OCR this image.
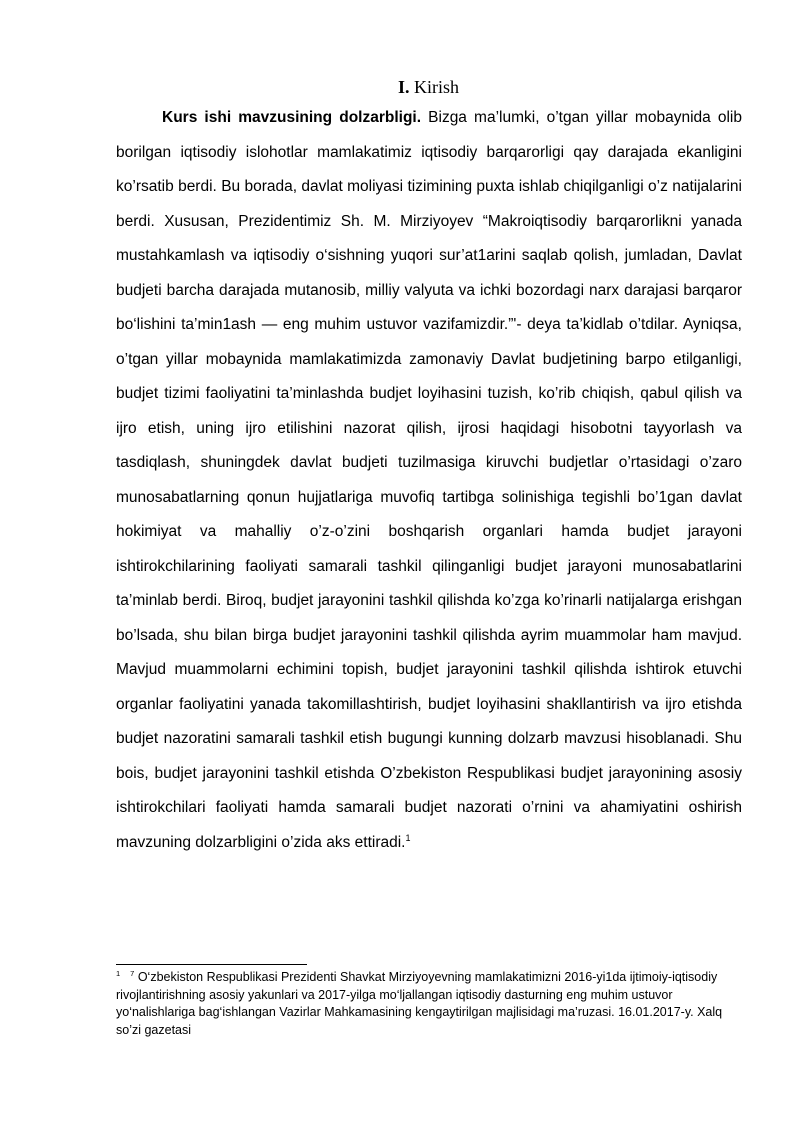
I. Kirish

Kurs ishi mavzusining dolzarbligi. Bizga ma’lumki, o’tgan yillar mobaynida olib borilgan iqtisodiy islohotlar mamlakatimiz iqtisodiy barqarorligi qay darajada ekanligini ko’rsatib berdi. Bu borada, davlat moliyasi tizimining puxta ishlab chiqilganligi o’z natijalarini berdi. Xususan, Prezidentimiz Sh. M. Mirziyoyev “Makroiqtisodiy barqarorlikni yanada mustahkamlash va iqtisodiy o‘sishning yuqori sur’at1arini saqlab qolish, jumladan, Davlat budjeti barcha darajada mutanosib, milliy valyuta va ichki bozordagi narx darajasi barqaror bo‘lishini ta’min1ash — eng muhim ustuvor vazifamizdir.”'- deya ta’kidlab o’tdilar. Ayniqsa, o’tgan yillar mobaynida mamlakatimizda zamonaviy Davlat budjetining barpo etilganligi, budjet tizimi faoliyatini ta’minlashda budjet loyihasini tuzish, ko’rib chiqish, qabul qilish va ijro etish, uning ijro etilishini nazorat qilish, ijrosi haqidagi hisobotni tayyorlash va tasdiqlash, shuningdek davlat budjeti tuzilmasiga kiruvchi budjetlar o’rtasidagi o’zaro munosabatlarning qonun hujjatlariga muvofiq tartibga solinishiga tegishli bo’1gan davlat hokimiyat va mahalliy o’z-o’zini boshqarish organlari hamda budjet jarayoni ishtirokchilarining faoliyati samarali tashkil qilinganligi budjet jarayoni munosabatlarini ta’minlab berdi. Biroq, budjet jarayonini tashkil qilishda ko’zga ko’rinarli natijalarga erishgan bo’lsada, shu bilan birga budjet jarayonini tashkil qilishda ayrim muammolar ham mavjud. Mavjud muammolarni echimini topish, budjet jarayonini tashkil qilishda ishtirok etuvchi organlar faoliyatini yanada takomillashtirish, budjet loyihasini shakllantirish va ijro etishda budjet nazoratini samarali tashkil etish bugungi kunning dolzarb mavzusi hisoblanadi. Shu bois, budjet jarayonini tashkil etishda O’zbekiston Respublikasi budjet jarayonining asosiy ishtirokchilari faoliyati hamda samarali budjet nazorati o’rnini va ahamiyatini oshirish mavzuning dolzarbligini o’zida aks ettiradi.$^1$

$^1$ $^7$ O‘zbekiston Respublikasi Prezidenti Shavkat Mirziyoyevning mamlakatimizni 2016-yi1da ijtimoiy-iqtisodiy rivojlantirishning asosiy yakunlari va 2017-yilga mo‘ljallangan iqtisodiy dasturning eng muhim ustuvor yo‘nalishlariga bag‘ishlangan Vazirlar Mahkamasining kengaytirilgan majlisidagi ma’ruzasi. 16.01.2017-y. Xalq so’zi gazetasi
